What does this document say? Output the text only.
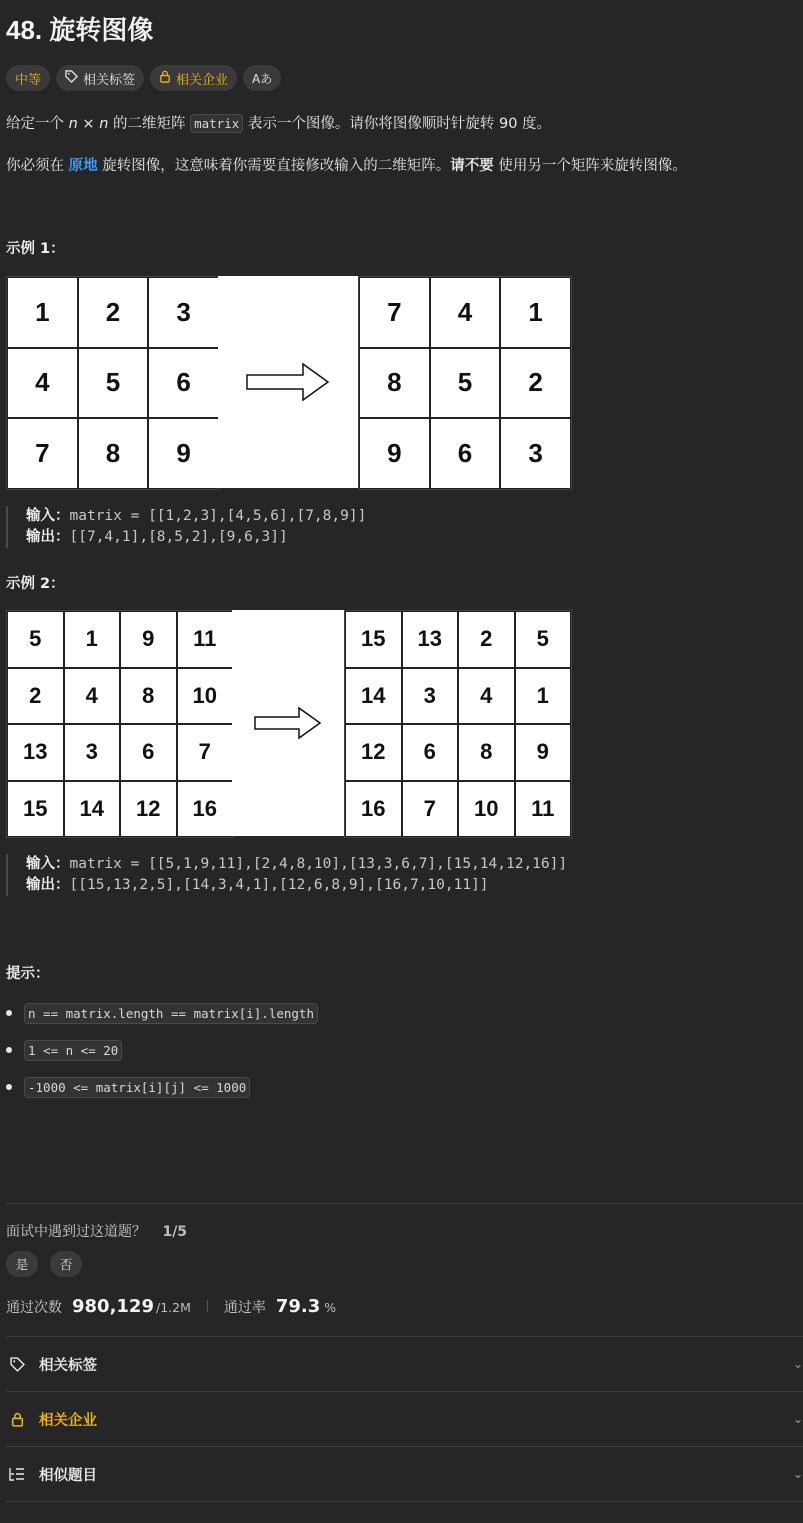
48. 旋转图像
中等	相关标签	相关企业 Aあ
给定一个 n × n 的二维矩阵 matrix 表示一个图像。请你将图像顺时针旋转 90 度。
你必须在 原地 旋转图像，这意味着你需要直接修改输入的二维矩阵。请不要 使用另一个矩阵来旋转图像。
示例 1：
1	2	3
4	5	6
7	8	9
7	4	1
8	5	2
9	6	3
输入：matrix = [[1,2,3],[4,5,6],[7,8,9]]
输出：[[7,4,1],[8,5,2],[9,6,3]]
示例 2：
5	1	9	11
2	4	8	10
13	3	6	7
15	14	12	16
15	13	2	5
14	3	4	1
12	6	8	9
16	7	10	11
输入：matrix = [[5,1,9,11],[2,4,8,10],[13,3,6,7],[15,14,12,16]]
输出：[[15,13,2,5],[14,3,4,1],[12,6,8,9],[16,7,10,11]]
提示：
n == matrix.length == matrix[i].length
1 <= n <= 20
-1000 <= matrix[i][j] <= 1000
面试中遇到过这道题？ 1/5
是	否
通过次数 980,129 /1.2M 通过率 79.3 %
相关标签	⌄
相关企业	⌄
相似题目	⌄
